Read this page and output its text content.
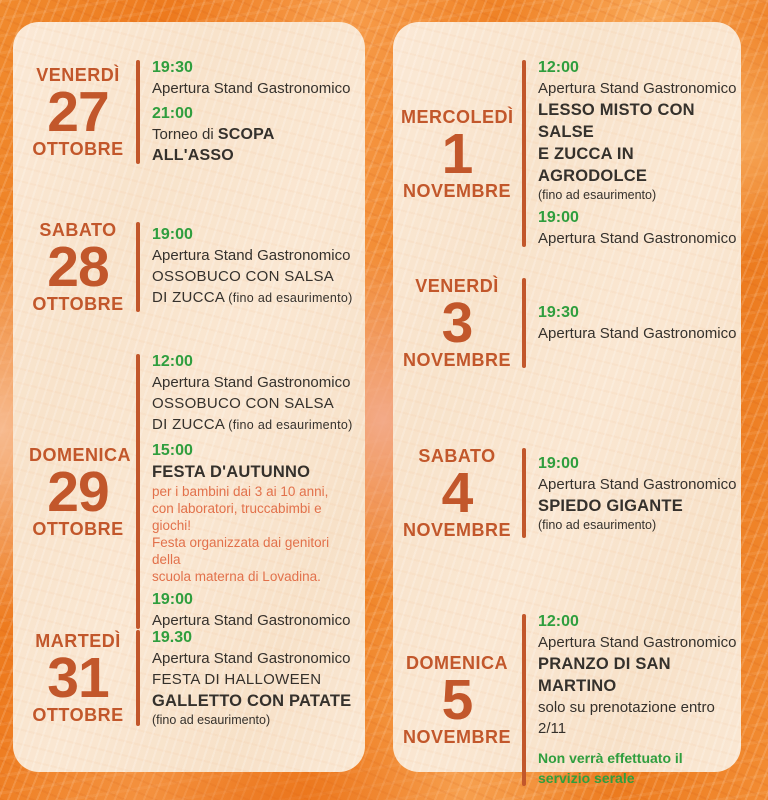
VENERDÌ
27
OTTOBRE
19:30
Apertura Stand Gastronomico
21:00
Torneo di SCOPA ALL'ASSO
SABATO
28
OTTOBRE
19:00
Apertura Stand Gastronomico
OSSOBUCO CON SALSA
DI ZUCCA (fino ad esaurimento)
DOMENICA
29
OTTOBRE
12:00
Apertura Stand Gastronomico
OSSOBUCO CON SALSA
DI ZUCCA (fino ad esaurimento)
15:00
FESTA D'AUTUNNO
per i bambini dai 3 ai 10 anni,
con laboratori, truccabimbi e giochi!
Festa organizzata dai genitori della
scuola materna di Lovadina.
19:00
Apertura Stand Gastronomico
MARTEDÌ
31
OTTOBRE
19.30
Apertura Stand Gastronomico
FESTA DI HALLOWEEN
GALLETTO CON PATATE
(fino ad esaurimento)
MERCOLEDÌ
1
NOVEMBRE
12:00
Apertura Stand Gastronomico
LESSO MISTO CON SALSE
E ZUCCA IN AGRODOLCE
(fino ad esaurimento)
19:00
Apertura Stand Gastronomico
VENERDÌ
3
NOVEMBRE
19:30
Apertura Stand Gastronomico
SABATO
4
NOVEMBRE
19:00
Apertura Stand Gastronomico
SPIEDO GIGANTE
(fino ad esaurimento)
DOMENICA
5
NOVEMBRE
12:00
Apertura Stand Gastronomico
PRANZO DI SAN MARTINO
solo su prenotazione entro 2/11
Non verrà effettuato il servizio serale
